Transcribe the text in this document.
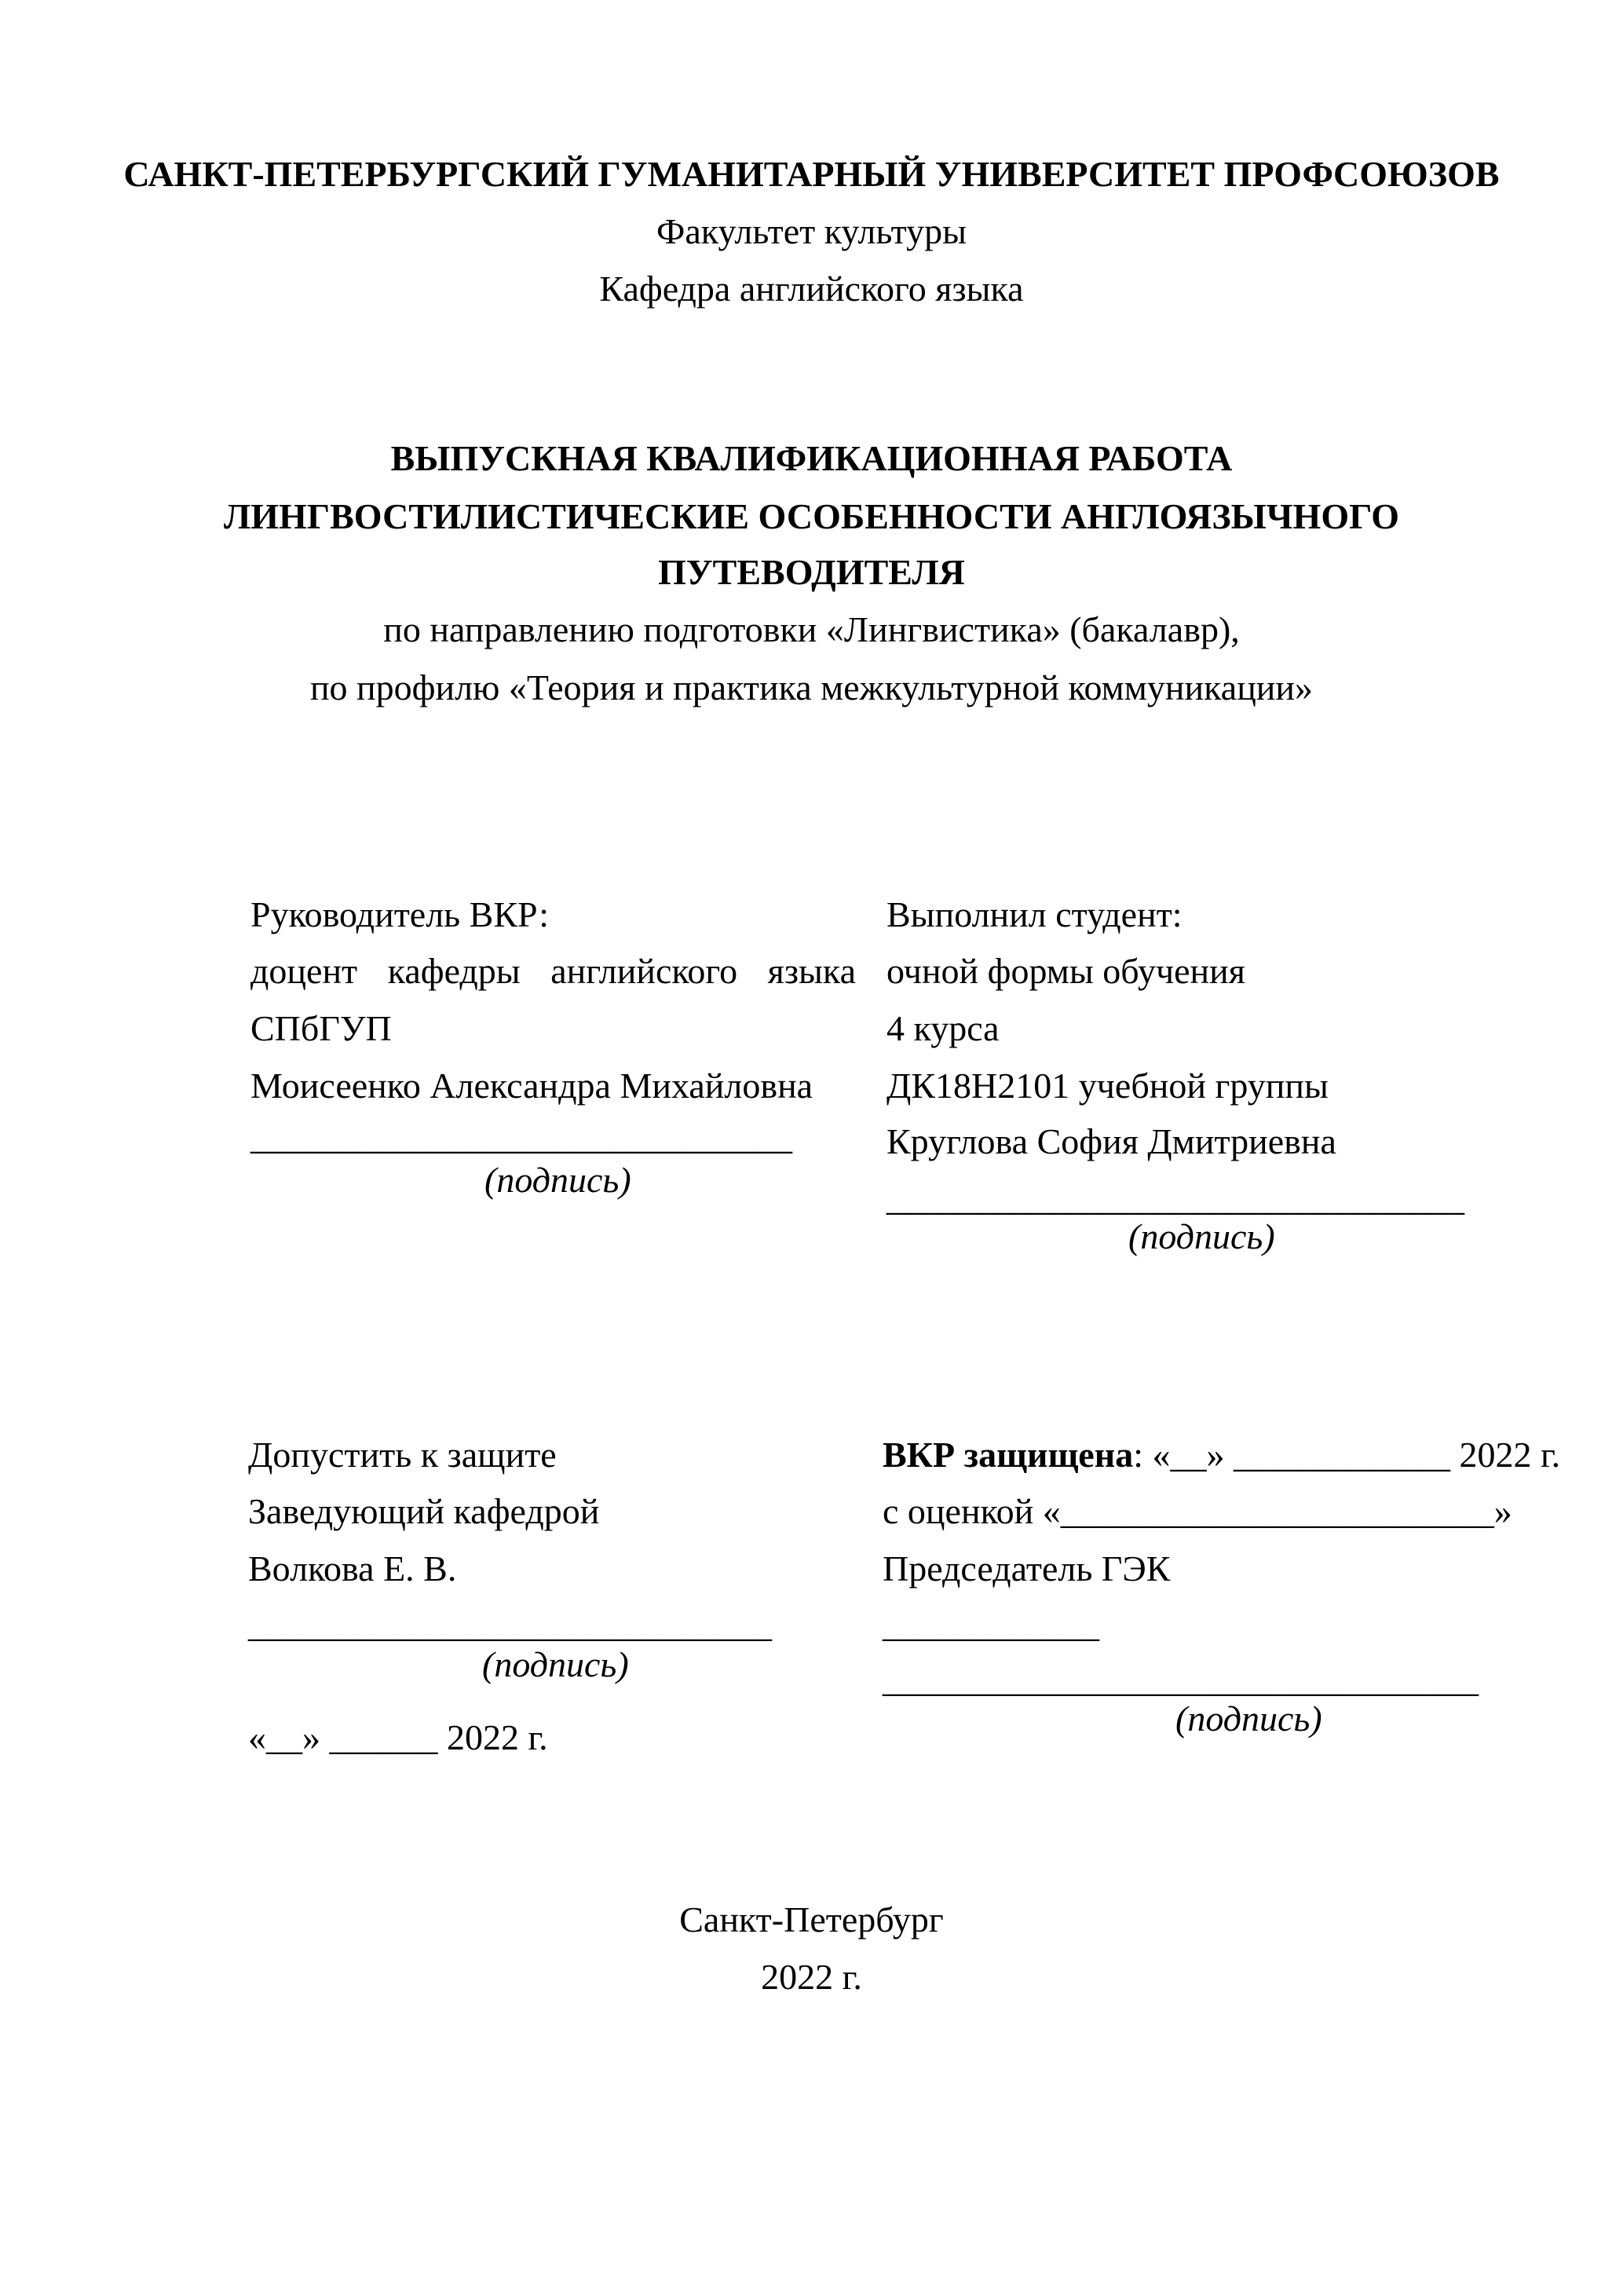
САНКТ-ПЕТЕРБУРГСКИЙ ГУМАНИТАРНЫЙ УНИВЕРСИТЕТ ПРОФСОЮЗОВ
Факультет культуры
Кафедра английского языка
ВЫПУСКНАЯ КВАЛИФИКАЦИОННАЯ РАБОТА
ЛИНГВОСТИЛИСТИЧЕСКИЕ ОСОБЕННОСТИ АНГЛОЯЗЫЧНОГО
ПУТЕВОДИТЕЛЯ
по направлению подготовки «Лингвистика» (бакалавр),
по профилю «Теория и практика межкультурной коммуникации»
Руководитель ВКР:
доцент кафедры английского языка
СПбГУП
Моисеенко Александра Михайловна
______________________________
(подпись)
Выполнил студент:
очной формы обучения
4 курса
ДК18Н2101 учебной группы
Круглова София Дмитриевна
________________________________
(подпись)
Допустить к защите
Заведующий кафедрой
Волкова Е. В.
_____________________________
(подпись)
«__» ______ 2022 г.
ВКР защищена: «__» ____________ 2022 г.
с оценкой «________________________»
Председатель ГЭК
____________
_________________________________
(подпись)
Санкт-Петербург
2022 г.
